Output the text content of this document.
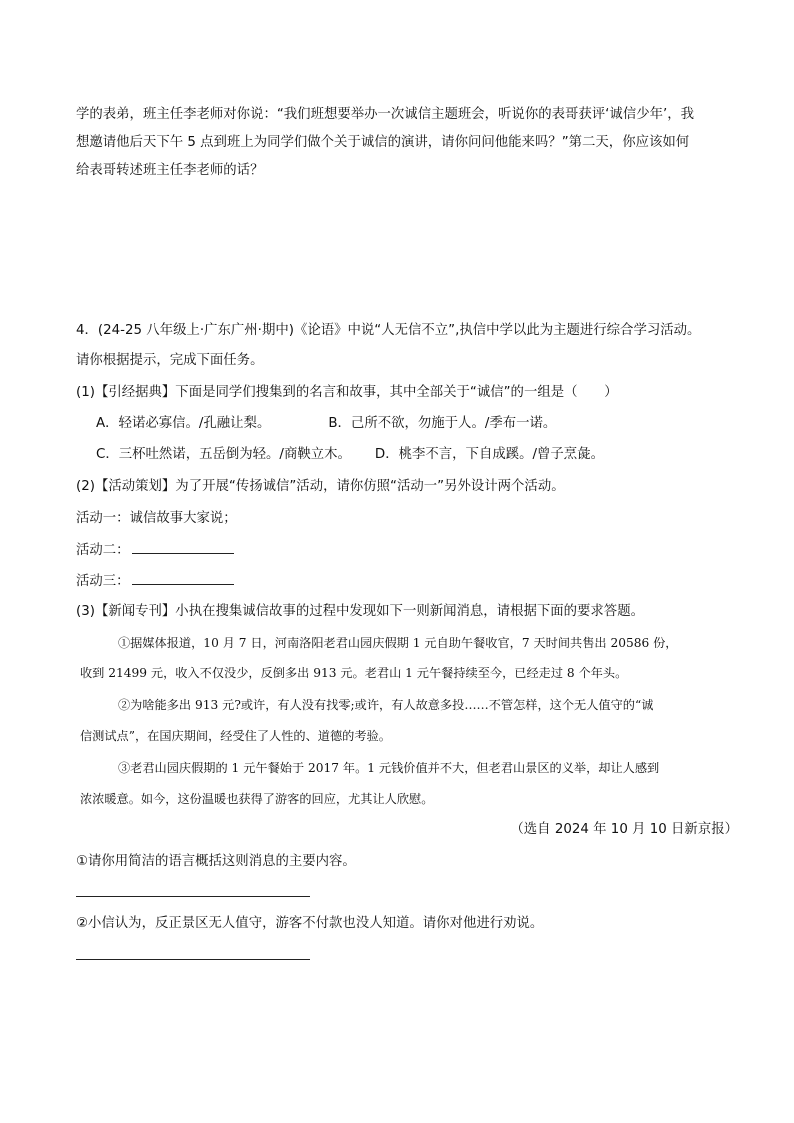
学的表弟，班主任李老师对你说：“我们班想要举办一次诚信主题班会，听说你的表哥获评‘诚信少年’，我
想邀请他后天下午 5 点到班上为同学们做个关于诚信的演讲，请你问问他能来吗？”第二天，你应该如何
给表哥转述班主任李老师的话？
4．(24-25 八年级上·广东广州·期中)《论语》中说“人无信不立”,执信中学以此为主题进行综合学习活动。
请你根据提示，完成下面任务。
(1)【引经据典】下面是同学们搜集到的名言和故事，其中全部关于“诚信”的一组是（　　）
A．轻诺必寡信。/孔融让梨。	B．己所不欲，勿施于人。/季布一诺。
C．三杯吐然诺，五岳倒为轻。/商鞅立木。 D．桃李不言，下自成蹊。/曾子烹彘。
(2)【活动策划】为了开展“传扬诚信”活动，请你仿照“活动一”另外设计两个活动。
活动一：诚信故事大家说；
活动二：
活动三：
(3)【新闻专刊】小执在搜集诚信故事的过程中发现如下一则新闻消息，请根据下面的要求答题。
①据媒体报道，10 月 7 日，河南洛阳老君山园庆假期 1 元自助午餐收官，7 天时间共售出 20586 份，
收到 21499 元，收入不仅没少，反倒多出 913 元。老君山 1 元午餐持续至今，已经走过 8 个年头。
②为啥能多出 913 元?或许，有人没有找零;或许，有人故意多投……不管怎样，这个无人值守的“诚
信测试点”，在国庆期间，经受住了人性的、道德的考验。
③老君山园庆假期的 1 元午餐始于 2017 年。1 元钱价值并不大，但老君山景区的义举，却让人感到
浓浓暖意。如今，这份温暖也获得了游客的回应，尤其让人欣慰。
（选自 2024 年 10 月 10 日新京报）
①请你用简洁的语言概括这则消息的主要内容。
②小信认为，反正景区无人值守，游客不付款也没人知道。请你对他进行劝说。
